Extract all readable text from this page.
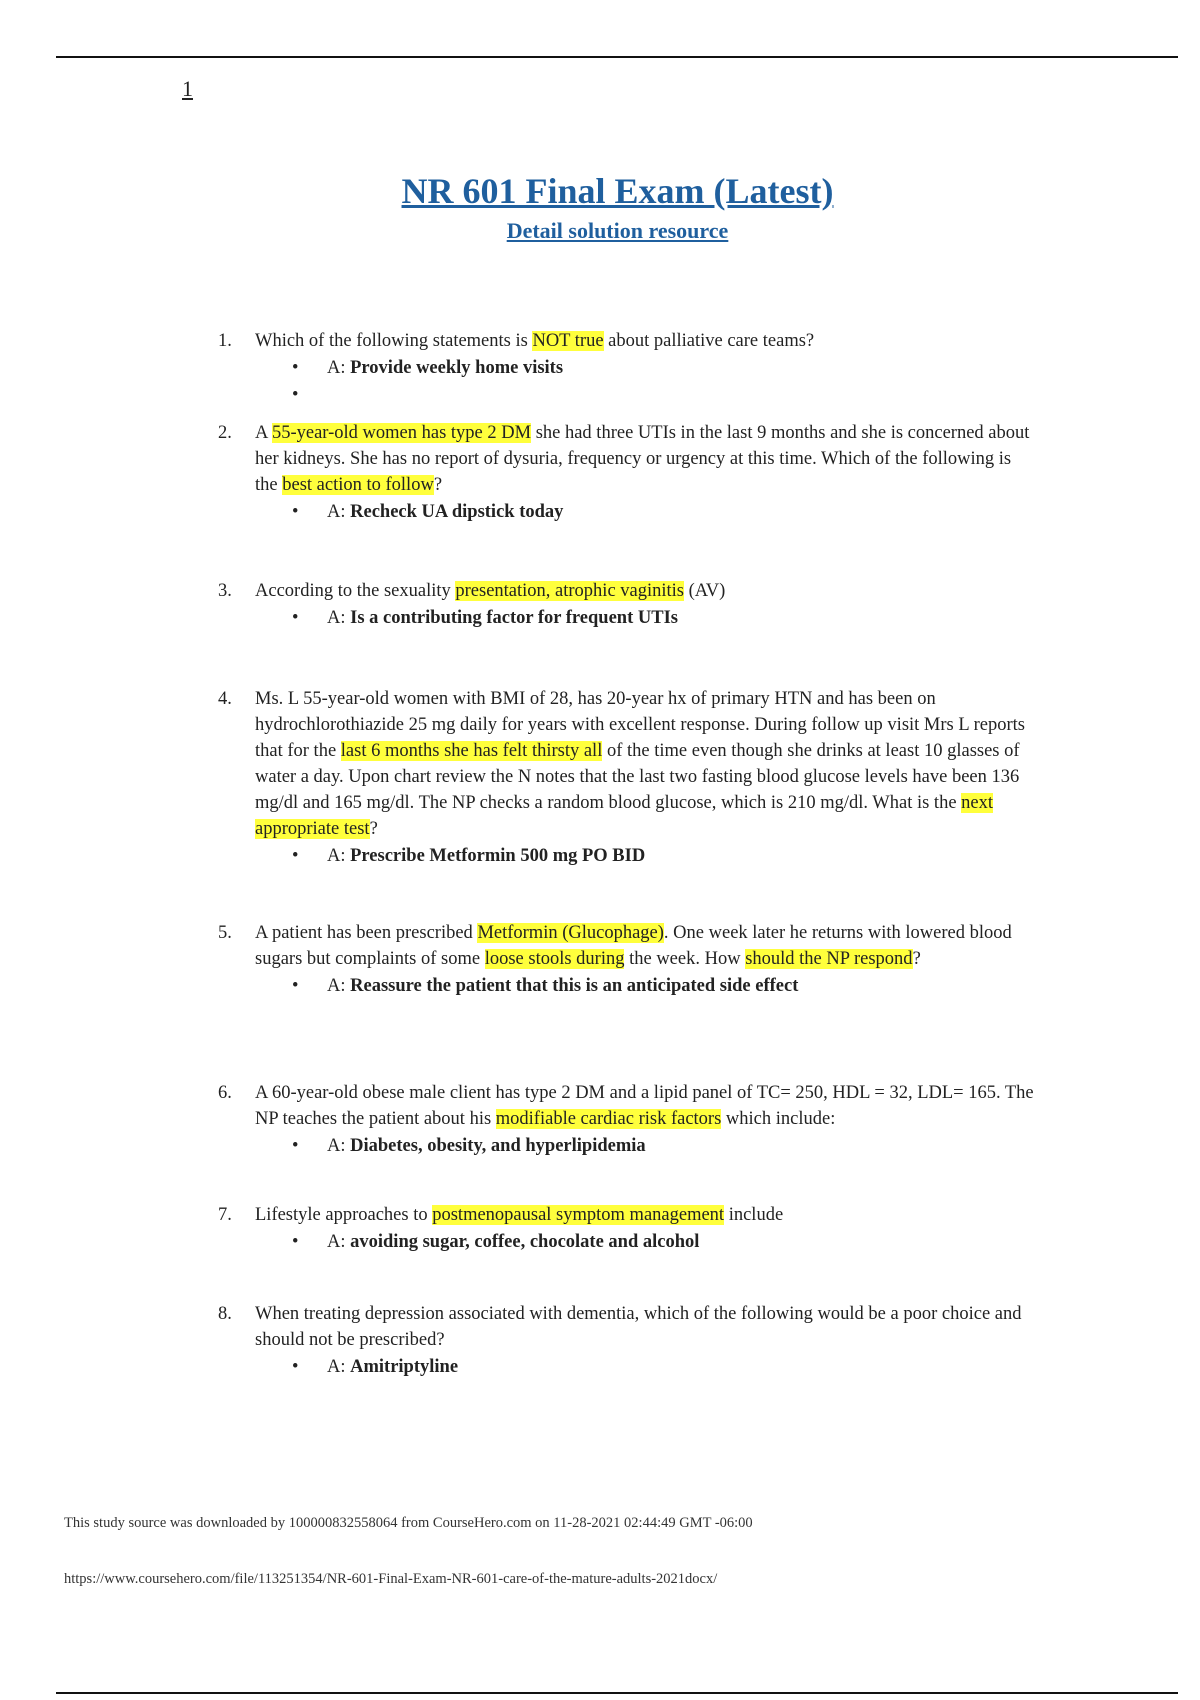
1
NR 601 Final Exam (Latest)
Detail solution resource
1. Which of the following statements is NOT true about palliative care teams?
• A: Provide weekly home visits
•

2. A 55-year-old women has type 2 DM she had three UTIs in the last 9 months and she is concerned about her kidneys. She has no report of dysuria, frequency or urgency at this time. Which of the following is the best action to follow?
• A: Recheck UA dipstick today
3. According to the sexuality presentation, atrophic vaginitis (AV)
• A: Is a contributing factor for frequent UTIs
4. Ms. L 55-year-old women with BMI of 28, has 20-year hx of primary HTN and has been on hydrochlorothiazide 25 mg daily for years with excellent response. During follow up visit Mrs L reports that for the last 6 months she has felt thirsty all of the time even though she drinks at least 10 glasses of water a day. Upon chart review the N notes that the last two fasting blood glucose levels have been 136 mg/dl and 165 mg/dl. The NP checks a random blood glucose, which is 210 mg/dl. What is the next appropriate test?
• A: Prescribe Metformin 500 mg PO BID
5. A patient has been prescribed Metformin (Glucophage). One week later he returns with lowered blood sugars but complaints of some loose stools during the week. How should the NP respond?
• A: Reassure the patient that this is an anticipated side effect
6. A 60-year-old obese male client has type 2 DM and a lipid panel of TC= 250, HDL = 32, LDL= 165. The NP teaches the patient about his modifiable cardiac risk factors which include:
• A: Diabetes, obesity, and hyperlipidemia
7. Lifestyle approaches to postmenopausal symptom management include
• A: avoiding sugar, coffee, chocolate and alcohol
8. When treating depression associated with dementia, which of the following would be a poor choice and should not be prescribed?
• A: Amitriptyline
This study source was downloaded by 100000832558064 from CourseHero.com on 11-28-2021 02:44:49 GMT -06:00
https://www.coursehero.com/file/113251354/NR-601-Final-Exam-NR-601-care-of-the-mature-adults-2021docx/
